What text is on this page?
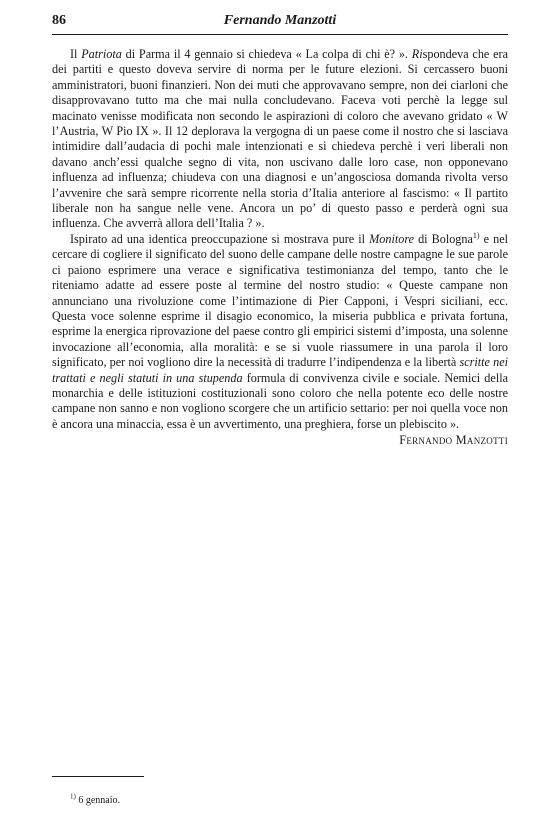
86	Fernando Manzotti

Il Patriota di Parma il 4 gennaio si chiedeva « La colpa di chi è? ». Rispondeva che era dei partiti e questo doveva servire di norma per le future elezioni. Si cercassero buoni amministratori, buoni finanzieri. Non dei muti che approvavano sempre, non dei ciarloni che disapprovavano tutto ma che mai nulla concludevano. Faceva voti perchè la legge sul macinato venisse modificata non secondo le aspirazioni di coloro che avevano gridato « W l’Austria, W Pio IX ». Il 12 deplorava la vergogna di un paese come il nostro che si lasciava intimidire dall’audacia di pochi male intenzionati e si chiedeva perchè i veri liberali non davano anch’essi qualche segno di vita, non uscivano dalle loro case, non opponevano influenza ad influenza; chiudeva con una diagnosi e un’angosciosa domanda rivolta verso l’avvenire che sarà sempre ricorrente nella storia d’Italia anteriore al fascismo: « Il partito liberale non ha sangue nelle vene. Ancora un po’ di questo passo e perderà ogni sua influenza. Che avverrà allora dell’Italia ? ».

Ispirato ad una identica preoccupazione si mostrava pure il Monitore di Bologna$^{1)}$ e nel cercare di cogliere il significato del suono delle campane delle nostre campagne le sue parole ci paiono esprimere una verace e significativa testimonianza del tempo, tanto che le riteniamo adatte ad essere poste al termine del nostro studio: « Queste campane non annunciano una rivoluzione come l’intimazione di Pier Capponi, i Vespri siciliani, ecc. Questa voce solenne esprime il disagio economico, la miseria pubblica e privata fortuna, esprime la energica riprovazione del paese contro gli empirici sistemi d’imposta, una solenne invocazione all’economia, alla moralità: e se si vuole riassumere in una parola il loro significato, per noi vogliono dire la necessità di tradurre l’indipendenza e la libertà scritte nei trattati e negli statuti in una stupenda formula di convivenza civile e sociale. Nemici della monarchia e delle istituzioni costituzionali sono coloro che nella potente eco delle nostre campane non sanno e non vogliono scorgere che un artificio settario: per noi quella voce non è ancora una minaccia, essa è un avvertimento, una preghiera, forse un plebiscito ».

Fernando Manzotti
$^{1)}$ 6 gennaio.
